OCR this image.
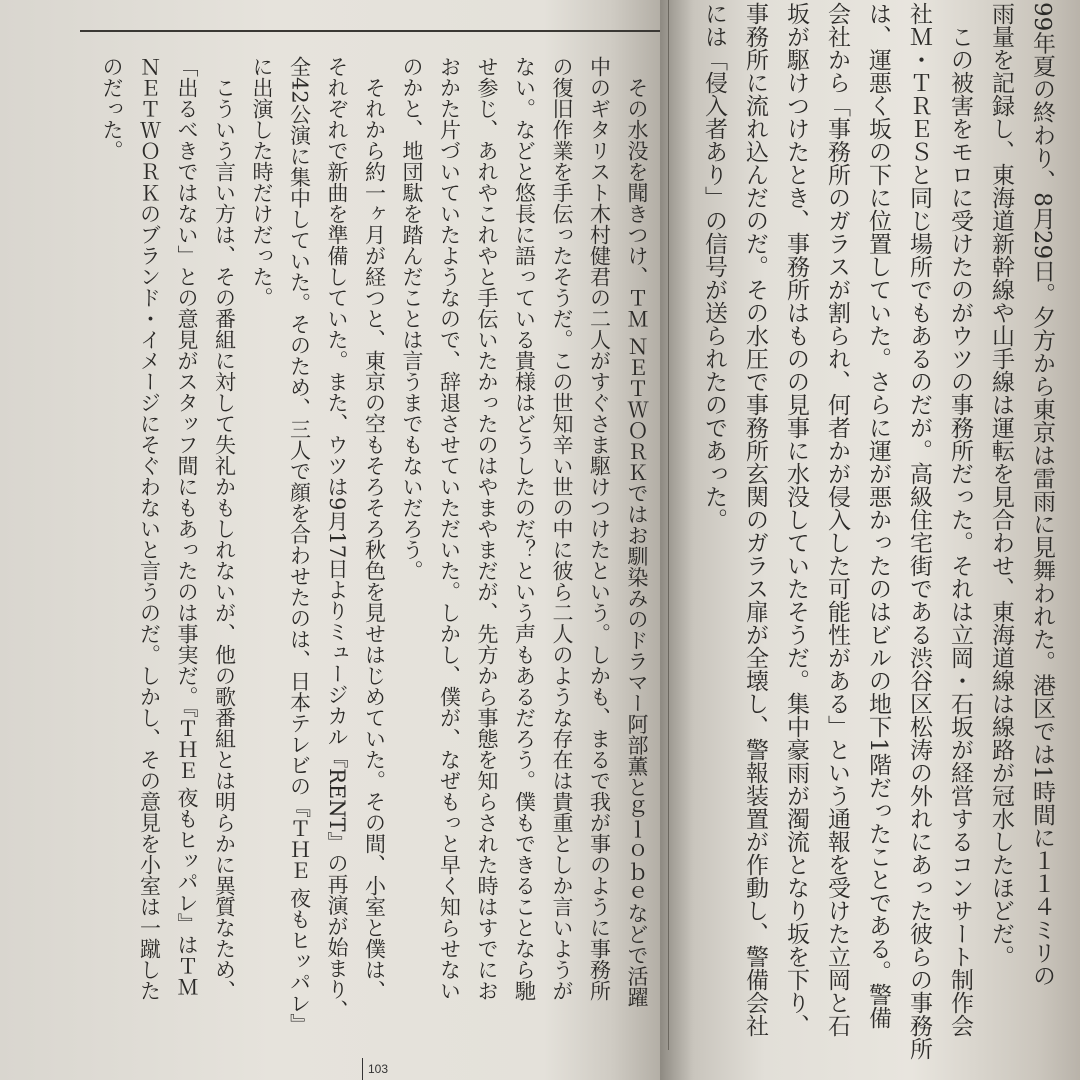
　その水没を聞きつけ、ＴＭ ＮＥＴＷＯＲＫではお馴染みのドラマー阿部薫とｇｌｏｂｅなどで活躍
中のギタリスト木村健君の二人がすぐさま駆けつけたという。しかも、まるで我が事のように事務所
の復旧作業を手伝ったそうだ。この世知辛い世の中に彼ら二人のような存在は貴重としか言いようが
ない。などと悠長に語っている貴様はどうしたのだ？という声もあるだろう。僕もできることなら馳
せ参じ、あれやこれやと手伝いたかったのはやまやまだが、先方から事態を知らされた時はすでにお
おかた片づいていたようなので、辞退させていただいた。しかし、僕が、なぜもっと早く知らせない
のかと、地団駄を踏んだことは言うまでもないだろう。
　それから約一ヶ月が経つと、東京の空もそろそろ秋色を見せはじめていた。その間、小室と僕は、
それぞれで新曲を準備していた。また、ウツは9月17日よりミュージカル『RENT』の再演が始まり、
全42公演に集中していた。そのため、三人で顔を合わせたのは、日本テレビの『ＴＨＥ 夜もヒッパレ』
に出演した時だけだった。
　こういう言い方は、その番組に対して失礼かもしれないが、他の歌番組とは明らかに異質なため、
「出るべきではない」との意見がスタッフ間にもあったのは事実だ。『ＴＨＥ 夜もヒッパレ』はＴＭ
ＮＥＴＷＯＲＫのブランド・イメージにそぐわないと言うのだ。しかし、その意見を小室は一蹴した
のだった。	99年夏の終わり、8月29日。夕方から東京は雷雨に見舞われた。港区では1時間に１１４ミリの
雨量を記録し、東海道新幹線や山手線は運転を見合わせ、東海道線は線路が冠水したほどだ。
　この被害をモロに受けたのがウツの事務所だった。それは立岡・石坂が経営するコンサート制作会
社Ｍ・ＴＲＥＳと同じ場所でもあるのだが。高級住宅街である渋谷区松涛の外れにあった彼らの事務所
は、運悪く坂の下に位置していた。さらに運が悪かったのはビルの地下1階だったことである。警備
会社から「事務所のガラスが割られ、何者かが侵入した可能性がある」という通報を受けた立岡と石
坂が駆けつけたとき、事務所はものの見事に水没していたそうだ。集中豪雨が濁流となり坂を下り、
事務所に流れ込んだのだ。その水圧で事務所玄関のガラス扉が全壊し、警報装置が作動し、警備会社
には「侵入者あり」の信号が送られたのであった。
103
